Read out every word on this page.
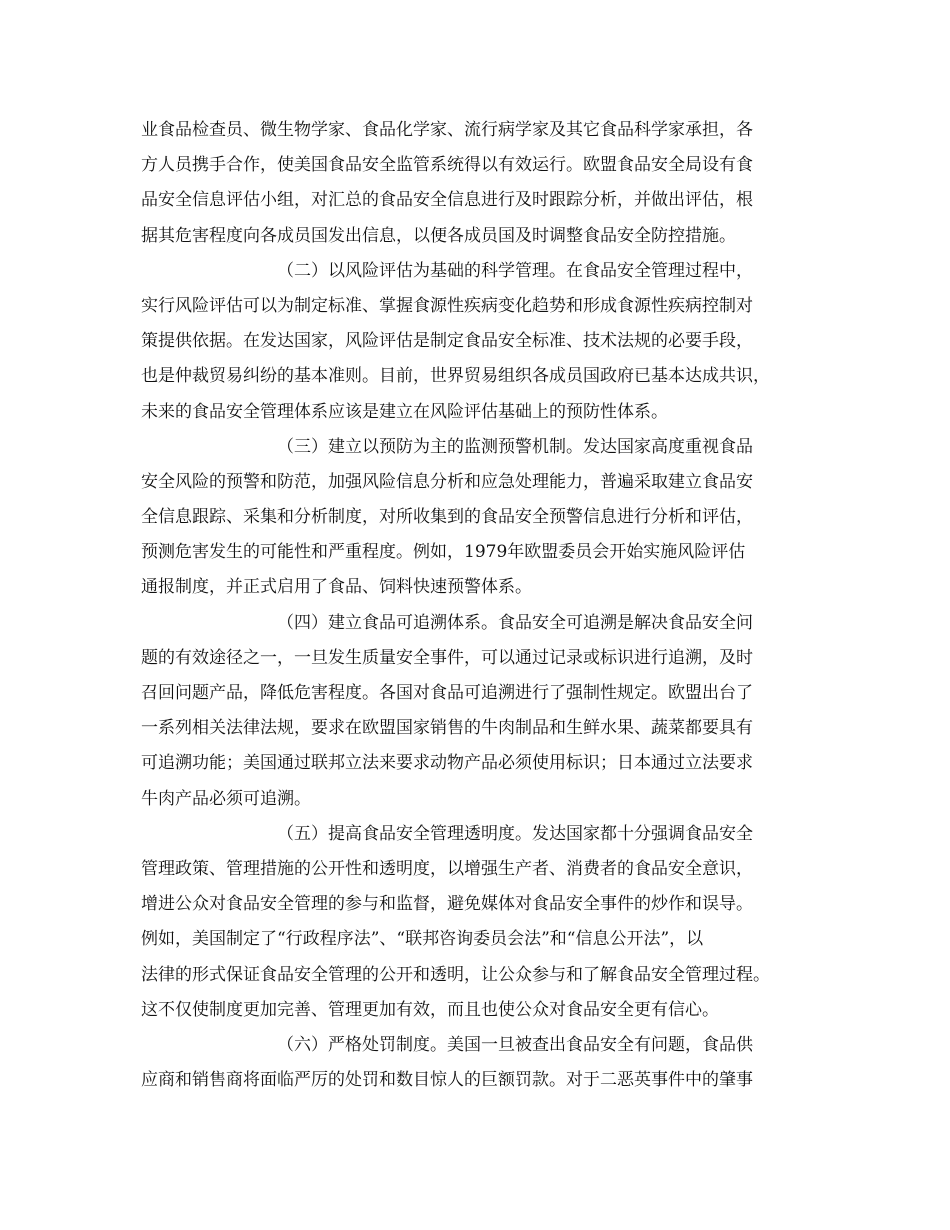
业食品检查员、微生物学家、食品化学家、流行病学家及其它食品科学家承担，各
方人员携手合作，使美国食品安全监管系统得以有效运行。欧盟食品安全局设有食
品安全信息评估小组，对汇总的食品安全信息进行及时跟踪分析，并做出评估，根
据其危害程度向各成员国发出信息，以便各成员国及时调整食品安全防控措施。
（二）以风险评估为基础的科学管理。在食品安全管理过程中，
实行风险评估可以为制定标准、掌握食源性疾病变化趋势和形成食源性疾病控制对
策提供依据。在发达国家，风险评估是制定食品安全标准、技术法规的必要手段，
也是仲裁贸易纠纷的基本准则。目前，世界贸易组织各成员国政府已基本达成共识，
未来的食品安全管理体系应该是建立在风险评估基础上的预防性体系。
（三）建立以预防为主的监测预警机制。发达国家高度重视食品
安全风险的预警和防范，加强风险信息分析和应急处理能力，普遍采取建立食品安
全信息跟踪、采集和分析制度，对所收集到的食品安全预警信息进行分析和评估，
预测危害发生的可能性和严重程度。例如，1979年欧盟委员会开始实施风险评估
通报制度，并正式启用了食品、饲料快速预警体系。
（四）建立食品可追溯体系。食品安全可追溯是解决食品安全问
题的有效途径之一，一旦发生质量安全事件，可以通过记录或标识进行追溯，及时
召回问题产品，降低危害程度。各国对食品可追溯进行了强制性规定。欧盟出台了
一系列相关法律法规，要求在欧盟国家销售的牛肉制品和生鲜水果、蔬菜都要具有
可追溯功能；美国通过联邦立法来要求动物产品必须使用标识；日本通过立法要求
牛肉产品必须可追溯。
（五）提高食品安全管理透明度。发达国家都十分强调食品安全
管理政策、管理措施的公开性和透明度，以增强生产者、消费者的食品安全意识，
增进公众对食品安全管理的参与和监督，避免媒体对食品安全事件的炒作和误导。
例如，美国制定了“行政程序法”、“联邦咨询委员会法”和“信息公开法”，以
法律的形式保证食品安全管理的公开和透明，让公众参与和了解食品安全管理过程。
这不仅使制度更加完善、管理更加有效，而且也使公众对食品安全更有信心。
（六）严格处罚制度。美国一旦被查出食品安全有问题，食品供
应商和销售商将面临严厉的处罚和数目惊人的巨额罚款。对于二恶英事件中的肇事
